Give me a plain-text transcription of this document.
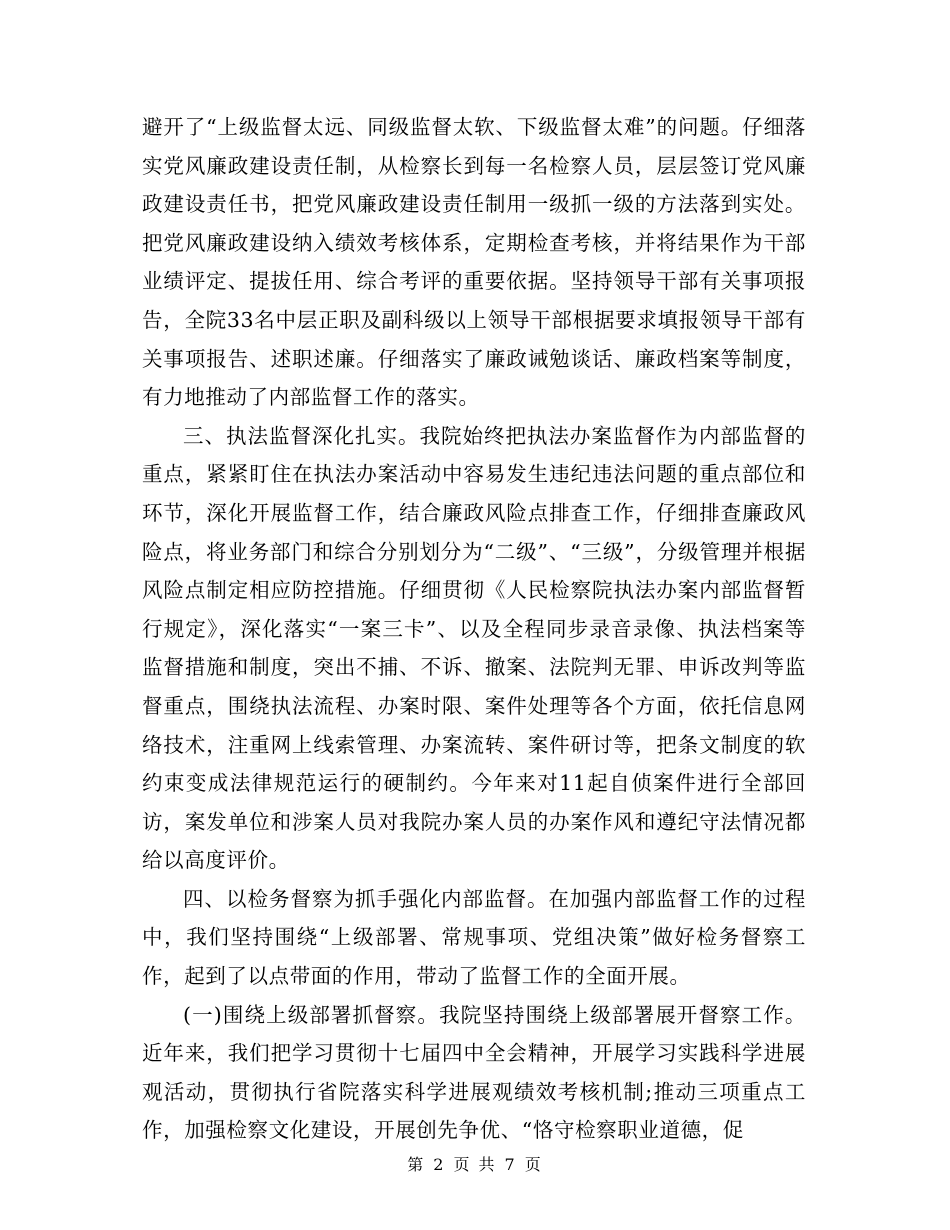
避开了“上级监督太远、同级监督太软、下级监督太难”的问题。仔细落实党风廉政建设责任制，从检察长到每一名检察人员，层层签订党风廉政建设责任书，把党风廉政建设责任制用一级抓一级的方法落到实处。把党风廉政建设纳入绩效考核体系，定期检查考核，并将结果作为干部业绩评定、提拔任用、综合考评的重要依据。坚持领导干部有关事项报告，全院33名中层正职及副科级以上领导干部根据要求填报领导干部有关事项报告、述职述廉。仔细落实了廉政诫勉谈话、廉政档案等制度，有力地推动了内部监督工作的落实。

三、执法监督深化扎实。我院始终把执法办案监督作为内部监督的重点，紧紧盯住在执法办案活动中容易发生违纪违法问题的重点部位和环节，深化开展监督工作，结合廉政风险点排查工作，仔细排查廉政风险点，将业务部门和综合分别划分为“二级”、“三级”，分级管理并根据风险点制定相应防控措施。仔细贯彻《人民检察院执法办案内部监督暂行规定》，深化落实“一案三卡”、以及全程同步录音录像、执法档案等监督措施和制度，突出不捕、不诉、撤案、法院判无罪、申诉改判等监督重点，围绕执法流程、办案时限、案件处理等各个方面，依托信息网络技术，注重网上线索管理、办案流转、案件研讨等，把条文制度的软约束变成法律规范运行的硬制约。今年来对11起自侦案件进行全部回访，案发单位和涉案人员对我院办案人员的办案作风和遵纪守法情况都给以高度评价。

四、以检务督察为抓手强化内部监督。在加强内部监督工作的过程中，我们坚持围绕“上级部署、常规事项、党组决策”做好检务督察工作，起到了以点带面的作用，带动了监督工作的全面开展。

(一)围绕上级部署抓督察。我院坚持围绕上级部署展开督察工作。近年来，我们把学习贯彻十七届四中全会精神，开展学习实践科学进展观活动，贯彻执行省院落实科学进展观绩效考核机制;推动三项重点工作，加强检察文化建设，开展创先争优、“恪守检察职业道德，促

第 2 页 共 7 页
